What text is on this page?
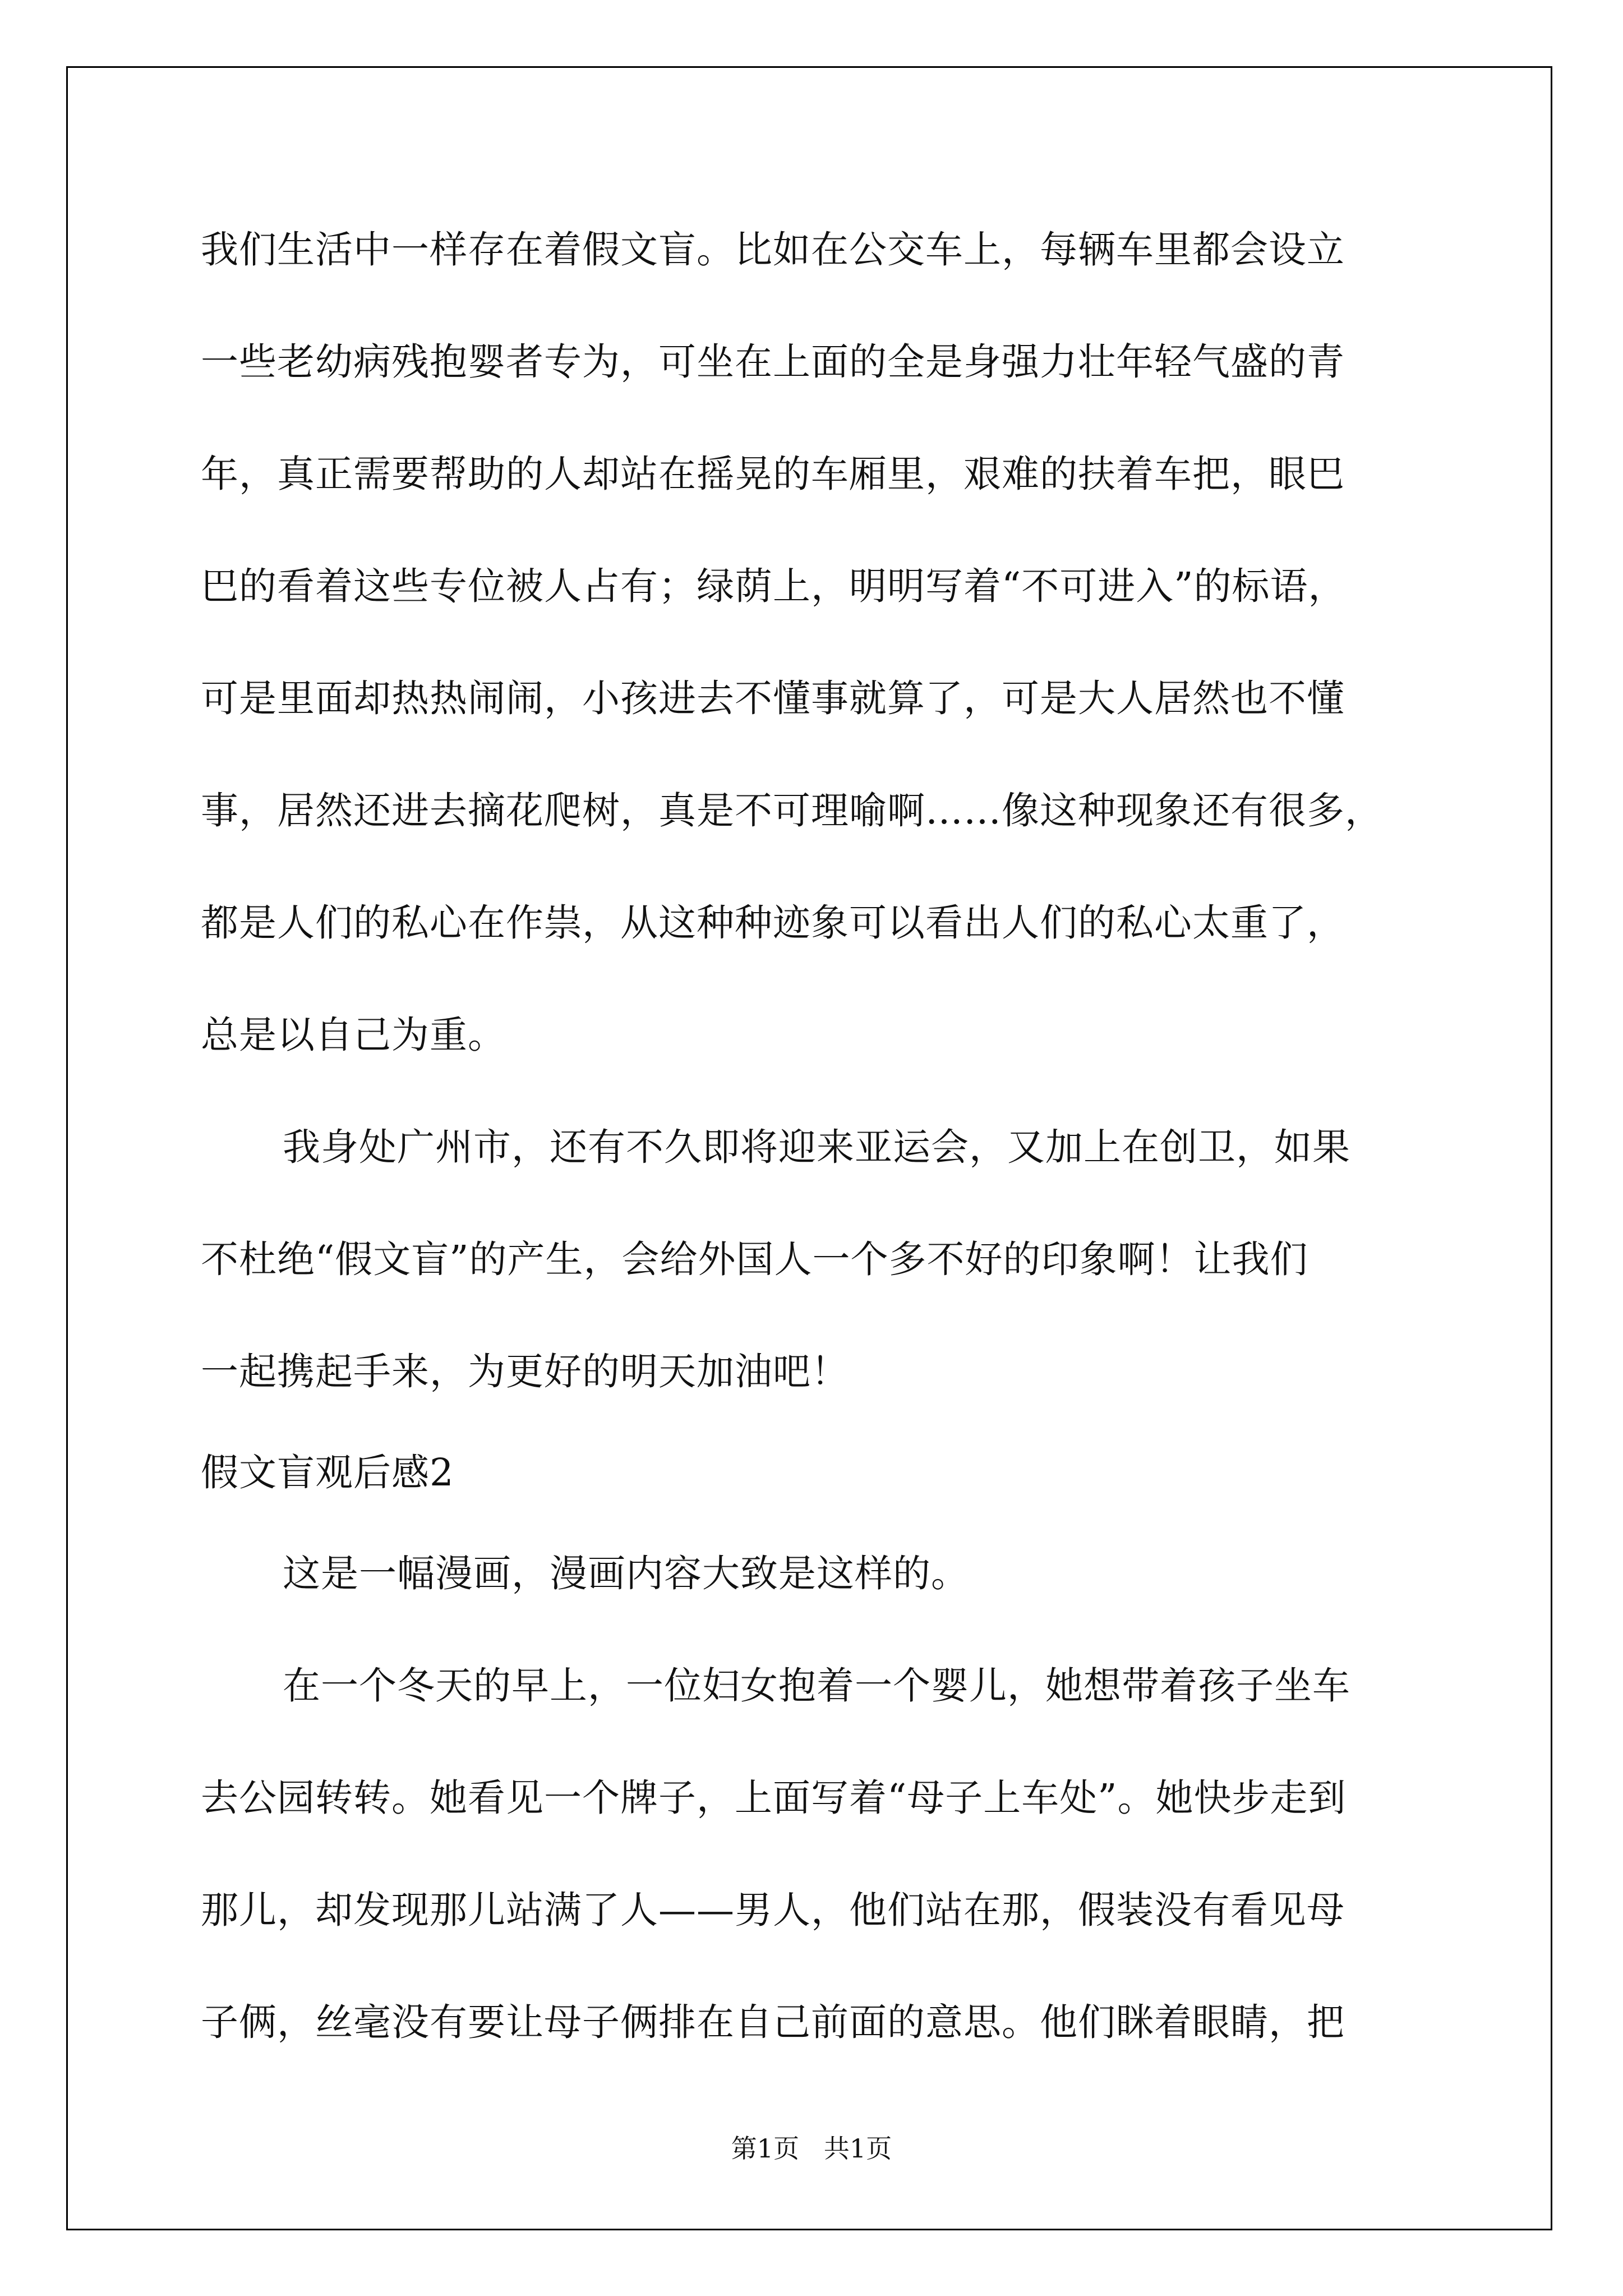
我们生活中一样存在着假文盲。比如在公交车上，每辆车里都会设立
一些老幼病残抱婴者专为，可坐在上面的全是身强力壮年轻气盛的青
年，真正需要帮助的人却站在摇晃的车厢里，艰难的扶着车把，眼巴
巴的看着这些专位被人占有；绿荫上，明明写着“不可进入”的标语，
可是里面却热热闹闹，小孩进去不懂事就算了，可是大人居然也不懂
事，居然还进去摘花爬树，真是不可理喻啊……像这种现象还有很多，
都是人们的私心在作祟，从这种种迹象可以看出人们的私心太重了，
总是以自己为重。
我身处广州市，还有不久即将迎来亚运会，又加上在创卫，如果
不杜绝“假文盲”的产生，会给外国人一个多不好的印象啊！让我们
一起携起手来，为更好的明天加油吧！
假文盲观后感2
这是一幅漫画，漫画内容大致是这样的。
在一个冬天的早上，一位妇女抱着一个婴儿，她想带着孩子坐车
去公园转转。她看见一个牌子，上面写着“母子上车处”。她快步走到
那儿，却发现那儿站满了人——男人，他们站在那，假装没有看见母
子俩，丝毫没有要让母子俩排在自己前面的意思。他们眯着眼睛，把
第1页   共1页
